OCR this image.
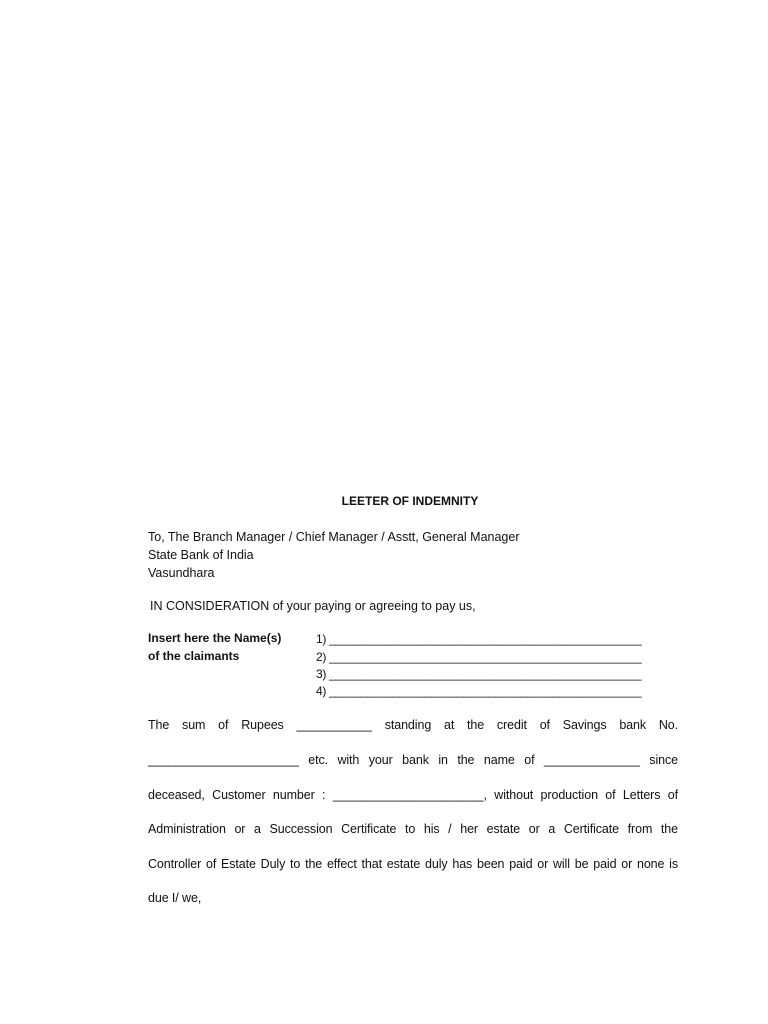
LEETER OF INDEMNITY
To, The Branch Manager / Chief Manager / Asstt, General Manager
State Bank of India
Vasundhara
IN CONSIDERATION of your paying or agreeing to pay us,
Insert here the Name(s)
of the claimants
1) _________________________________________________
2) _________________________________________________
3) _________________________________________________
4) _________________________________________________
The sum of Rupees ___________ standing at the credit of Savings bank No.
______________________ etc. with your bank in the name of ______________ since
deceased, Customer number : ______________________, without production of Letters of
Administration or a Succession Certificate to his / her estate or a Certificate from the
Controller of Estate Duly to the effect that estate duly has been paid or will be paid or none is
due I/ we,
